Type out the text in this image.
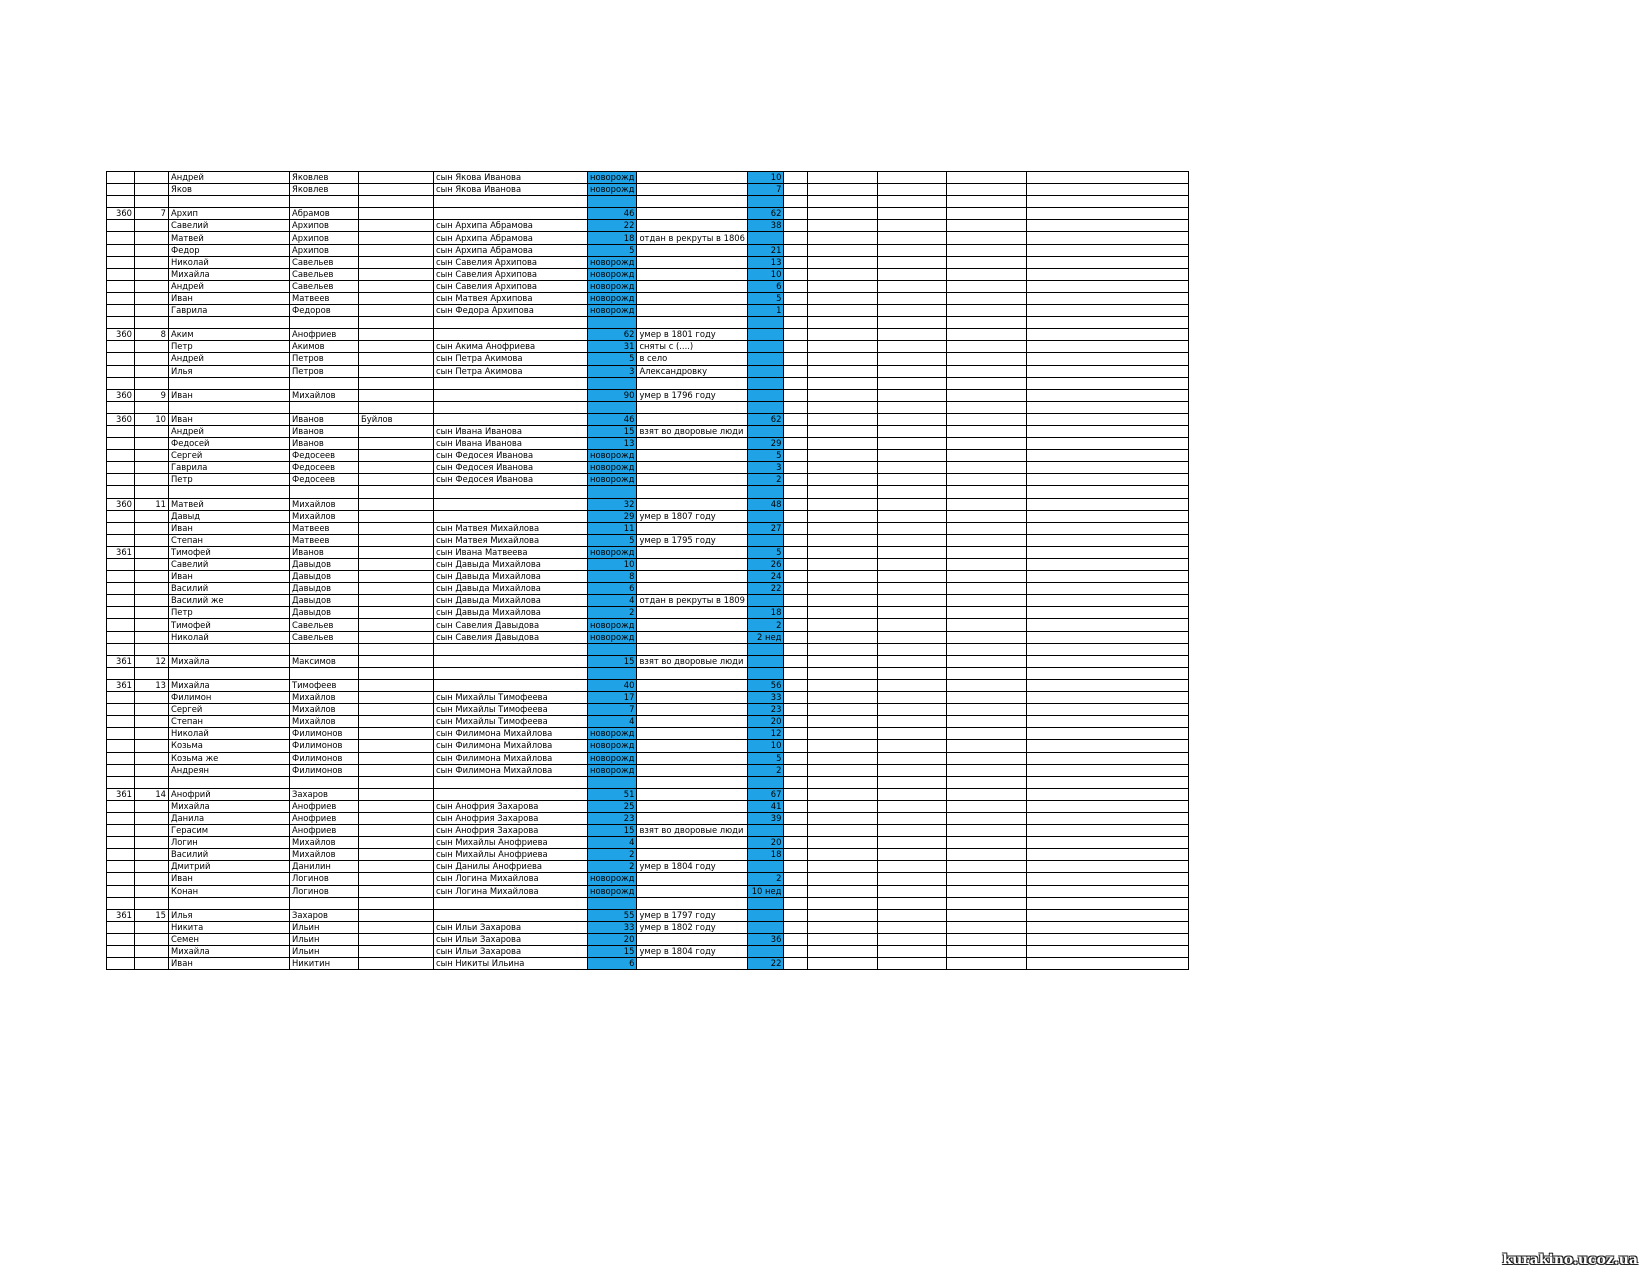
		Андрей	Яковлев		сын Якова Иванова	новорожд		10					
		Яков	Яковлев		сын Якова Иванова	новорожд		7					

360	7	Архип	Абрамов			46		62					
		Савелий	Архипов		сын Архипа Абрамова	22		38					
		Матвей	Архипов		сын Архипа Абрамова	18	отдан в рекруты в 1806						
		Федор	Архипов		сын Архипа Абрамова	5		21					
		Николай	Савельев		сын Савелия Архипова	новорожд		13					
		Михайла	Савельев		сын Савелия Архипова	новорожд		10					
		Андрей	Савельев		сын Савелия Архипова	новорожд		6					
		Иван	Матвеев		сын Матвея Архипова	новорожд		5					
		Гаврила	Федоров		сын Федора Архипова	новорожд		1					

360	8	Аким	Анофриев			62	умер в 1801 году						
		Петр	Акимов		сын Акима Анофриева	31	сняты с (....)						
		Андрей	Петров		сын Петра Акимова	5	в село						
		Илья	Петров		сын Петра Акимова	3	Александровку						

360	9	Иван	Михайлов			90	умер в 1796 году						

360	10	Иван	Иванов	Буйлов		46		62					
		Андрей	Иванов		сын Ивана Иванова	15	взят во дворовые люди						
		Федосей	Иванов		сын Ивана Иванова	13		29					
		Сергей	Федосеев		сын Федосея Иванова	новорожд		5					
		Гаврила	Федосеев		сын Федосея Иванова	новорожд		3					
		Петр	Федосеев		сын Федосея Иванова	новорожд		2					

360	11	Матвей	Михайлов			32		48					
		Давыд	Михайлов			29	умер в 1807 году						
		Иван	Матвеев		сын Матвея Михайлова	11		27					
		Степан	Матвеев		сын Матвея Михайлова	5	умер в 1795 году						
361		Тимофей	Иванов		сын Ивана Матвеева	новорожд		5					
		Савелий	Давыдов		сын Давыда Михайлова	10		26					
		Иван	Давыдов		сын Давыда Михайлова	8		24					
		Василий	Давыдов		сын Давыда Михайлова	6		22					
		Василий же	Давыдов		сын Давыда Михайлова	4	отдан в рекруты в 1809						
		Петр	Давыдов		сын Давыда Михайлова	2		18					
		Тимофей	Савельев		сын Савелия Давыдова	новорожд		2					
		Николай	Савельев		сын Савелия Давыдова	новорожд		2 нед					

361	12	Михайла	Максимов			15	взят во дворовые люди						

361	13	Михайла	Тимофеев			40		56					
		Филимон	Михайлов		сын Михайлы Тимофеева	17		33					
		Сергей	Михайлов		сын Михайлы Тимофеева	7		23					
		Степан	Михайлов		сын Михайлы Тимофеева	4		20					
		Николай	Филимонов		сын Филимона Михайлова	новорожд		12					
		Козьма	Филимонов		сын Филимона Михайлова	новорожд		10					
		Козьма же	Филимонов		сын Филимона Михайлова	новорожд		5					
		Андреян	Филимонов		сын Филимона Михайлова	новорожд		2					

361	14	Анофрий	Захаров			51		67					
		Михайла	Анофриев		сын Анофрия Захарова	25		41					
		Данила	Анофриев		сын Анофрия Захарова	23		39					
		Герасим	Анофриев		сын Анофрия Захарова	15	взят во дворовые люди						
		Логин	Михайлов		сын Михайлы Анофриева	4		20					
		Василий	Михайлов		сын Михайлы Анофриева	2		18					
		Дмитрий	Данилин		сын Данилы Анофриева	2	умер в 1804 году						
		Иван	Логинов		сын Логина Михайлова	новорожд		2					
		Конан	Логинов		сын Логина Михайлова	новорожд		10 нед					

361	15	Илья	Захаров			55	умер в 1797 году						
		Никита	Ильин		сын Ильи Захарова	33	умер в 1802 году						
		Семен	Ильин		сын Ильи Захарова	20		36					
		Михайла	Ильин		сын Ильи Захарова	15	умер в 1804 году						
		Иван	Никитин		сын Никиты Ильина	6		22					
kurakino.ucoz.ua
